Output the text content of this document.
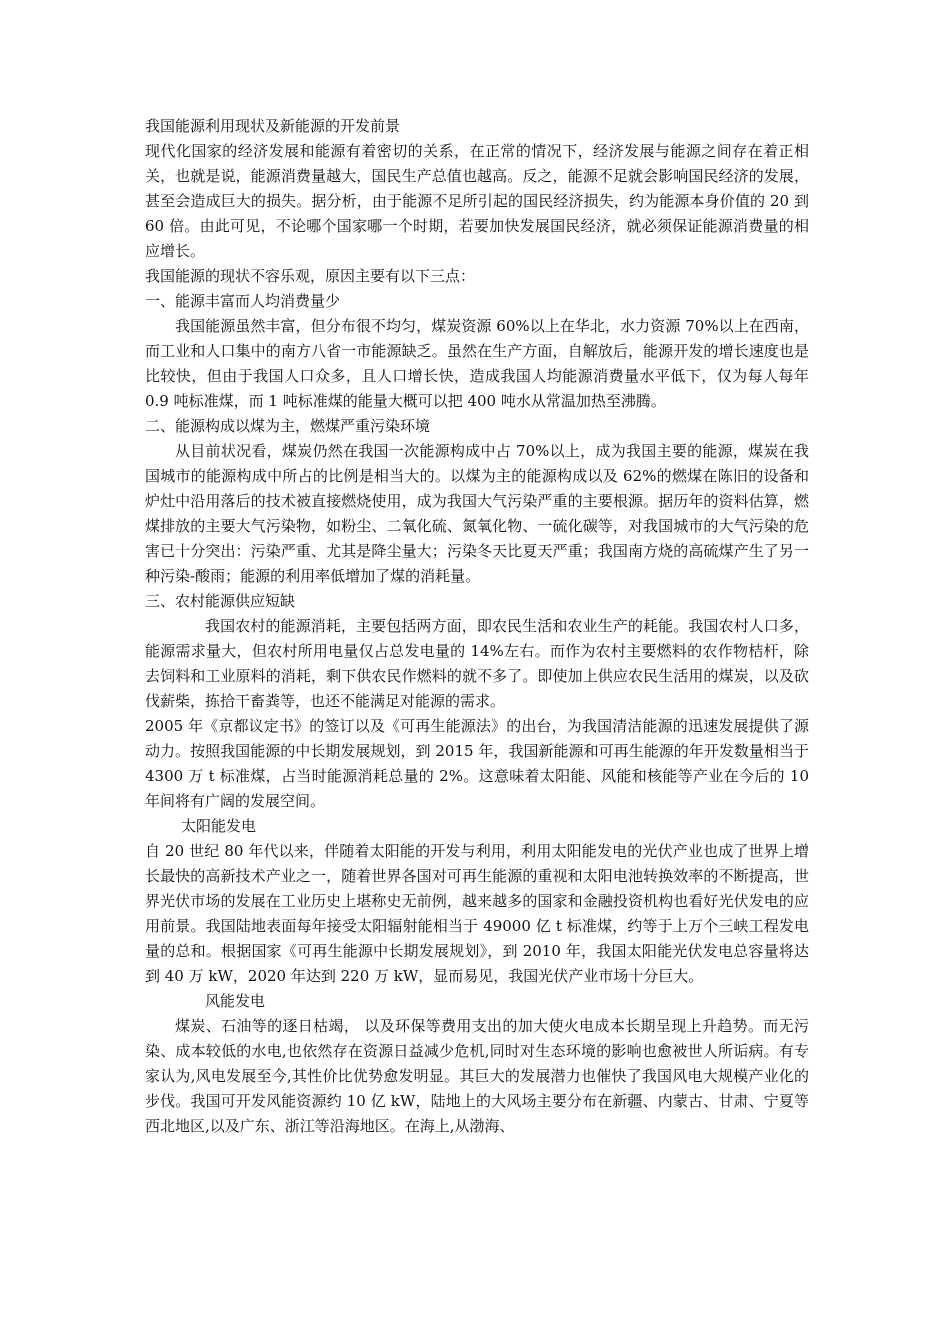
我国能源利用现状及新能源的开发前景

现代化国家的经济发展和能源有着密切的关系，在正常的情况下，经济发展与能源之间存在着正相关，也就是说，能源消费量越大，国民生产总值也越高。反之，能源不足就会影响国民经济的发展，甚至会造成巨大的损失。据分析，由于能源不足所引起的国民经济损失，约为能源本身价值的 20 到 60 倍。由此可见，不论哪个国家哪一个时期，若要加快发展国民经济，就必须保证能源消费量的相应增长。

我国能源的现状不容乐观，原因主要有以下三点：

一、能源丰富而人均消费量少

我国能源虽然丰富，但分布很不均匀，煤炭资源 60%以上在华北，水力资源 70%以上在西南，而工业和人口集中的南方八省一市能源缺乏。虽然在生产方面，自解放后，能源开发的增长速度也是比较快，但由于我国人口众多，且人口增长快，造成我国人均能源消费量水平低下，仅为每人每年 0.9 吨标准煤，而 1 吨标准煤的能量大概可以把 400 吨水从常温加热至沸腾。

二、能源构成以煤为主，燃煤严重污染环境

从目前状况看，煤炭仍然在我国一次能源构成中占 70%以上，成为我国主要的能源，煤炭在我国城市的能源构成中所占的比例是相当大的。以煤为主的能源构成以及 62%的燃煤在陈旧的设备和炉灶中沿用落后的技术被直接燃烧使用，成为我国大气污染严重的主要根源。据历年的资料估算，燃煤排放的主要大气污染物，如粉尘、二氧化硫、氮氧化物、一硫化碳等，对我国城市的大气污染的危害已十分突出：污染严重、尤其是降尘量大；污染冬天比夏天严重；我国南方烧的高硫煤产生了另一种污染-酸雨；能源的利用率低增加了煤的消耗量。

三、农村能源供应短缺

我国农村的能源消耗，主要包括两方面，即农民生活和农业生产的耗能。我国农村人口多，能源需求量大，但农村所用电量仅占总发电量的 14%左右。而作为农村主要燃料的农作物桔杆，除去饲料和工业原料的消耗，剩下供农民作燃料的就不多了。即使加上供应农民生活用的煤炭，以及砍伐薪柴，拣拾干畜粪等，也还不能满足对能源的需求。

2005 年《京都议定书》的签订以及《可再生能源法》的出台，为我国清洁能源的迅速发展提供了源动力。按照我国能源的中长期发展规划，到 2015 年，我国新能源和可再生能源的年开发数量相当于 4300 万 t 标准煤，占当时能源消耗总量的 2%。这意味着太阳能、风能和核能等产业在今后的 10 年间将有广阔的发展空间。

太阳能发电

自 20 世纪 80 年代以来，伴随着太阳能的开发与利用，利用太阳能发电的光伏产业也成了世界上增长最快的高新技术产业之一，随着世界各国对可再生能源的重视和太阳电池转换效率的不断提高，世界光伏市场的发展在工业历史上堪称史无前例，越来越多的国家和金融投资机构也看好光伏发电的应用前景。我国陆地表面每年接受太阳辐射能相当于 49000 亿 t 标准煤，约等于上万个三峡工程发电量的总和。根据国家《可再生能源中长期发展规划》，到 2010 年，我国太阳能光伏发电总容量将达到 40 万 kW，2020 年达到 220 万 kW，显而易见，我国光伏产业市场十分巨大。

风能发电

煤炭、石油等的逐日枯竭， 以及环保等费用支出的加大使火电成本长期呈现上升趋势。而无污染、成本较低的水电,也依然存在资源日益减少危机,同时对生态环境的影响也愈被世人所诟病。有专家认为,风电发展至今,其性价比优势愈发明显。其巨大的发展潜力也催快了我国风电大规模产业化的步伐。我国可开发风能资源约 10 亿 kW，陆地上的大风场主要分布在新疆、内蒙古、甘肃、宁夏等西北地区,以及广东、浙江等沿海地区。在海上,从渤海、
